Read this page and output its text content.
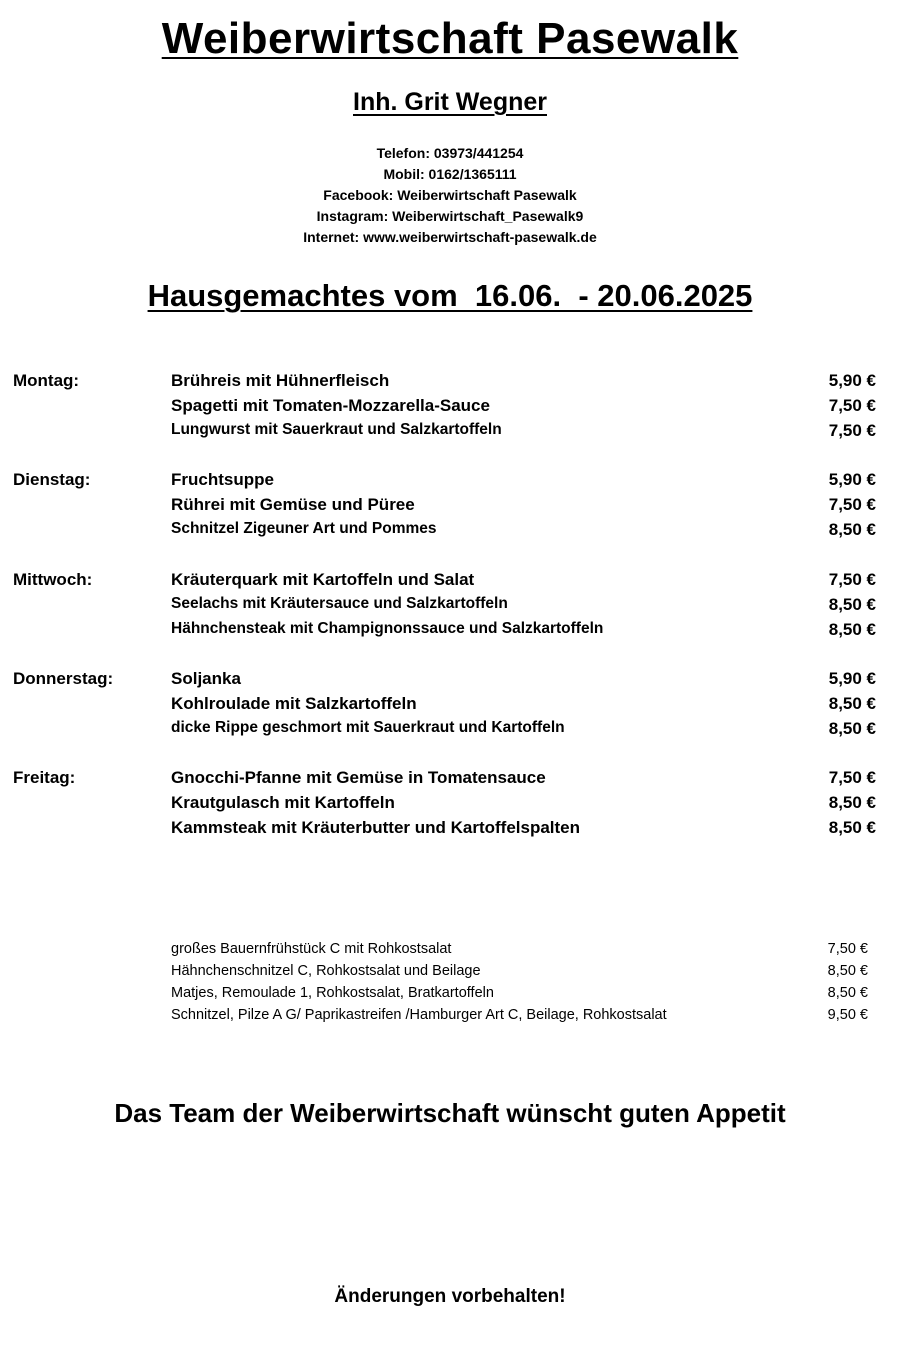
Weiberwirtschaft Pasewalk
Inh. Grit Wegner
Telefon: 03973/441254
Mobil: 0162/1365111
Facebook: Weiberwirtschaft Pasewalk
Instagram: Weiberwirtschaft_Pasewalk9
Internet: www.weiberwirtschaft-pasewalk.de
Hausgemachtes vom  16.06.  - 20.06.2025
Montag:	Brühreis mit Hühnerfleisch	5,90 €
Spagetti mit Tomaten-Mozzarella-Sauce	7,50 €
Lungwurst mit Sauerkraut und Salzkartoffeln	7,50 €
Dienstag:	Fruchtsuppe	5,90 €
Rührei mit Gemüse und Püree	7,50 €
Schnitzel Zigeuner Art und Pommes	8,50 €
Mittwoch:	Kräuterquark mit Kartoffeln und Salat	7,50 €
Seelachs mit Kräutersauce und Salzkartoffeln	8,50 €
Hähnchensteak mit Champignonssauce und Salzkartoffeln	8,50 €
Donnerstag:	Soljanka	5,90 €
Kohlroulade mit Salzkartoffeln	8,50 €
dicke Rippe geschmort mit Sauerkraut und Kartoffeln	8,50 €
Freitag:	Gnocchi-Pfanne mit Gemüse in Tomatensauce	7,50 €
Krautgulasch mit Kartoffeln	8,50 €
Kammsteak mit Kräuterbutter und Kartoffelspalten	8,50 €
großes Bauernfrühstück C mit Rohkostsalat	7,50 €
Hähnchenschnitzel C, Rohkostsalat und Beilage	8,50 €
Matjes, Remoulade 1, Rohkostsalat, Bratkartoffeln	8,50 €
Schnitzel, Pilze A G/ Paprikastreifen /Hamburger Art C, Beilage, Rohkostsalat	9,50 €
Das Team der Weiberwirtschaft wünscht guten Appetit
Änderungen vorbehalten!
